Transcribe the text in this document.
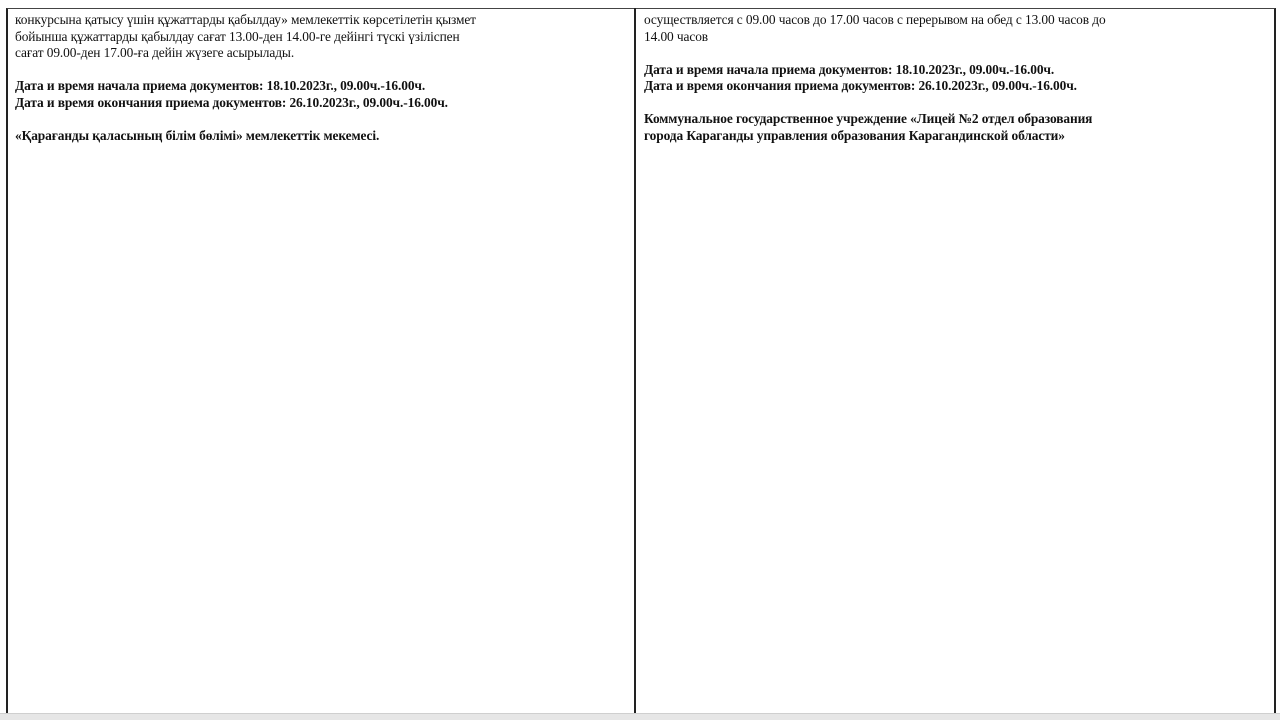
конкурсына қатысу үшін құжаттарды қабылдау» мемлекеттік көрсетілетін қызмет

бойынша құжаттарды қабылдау сағат 13.00-ден 14.00-ге дейінгі түскі үзіліспен

сағат 09.00-ден 17.00-ға дейін жүзеге асырылады.

Дата и время начала приема документов: 18.10.2023г., 09.00ч.-16.00ч.

Дата и время окончания приема документов: 26.10.2023г., 09.00ч.-16.00ч.

«Қарағанды қаласының білім бөлімі» мемлекеттік мекемесі.

осуществляется с 09.00 часов до 17.00 часов с перерывом на обед с 13.00 часов до

14.00 часов

Дата и время начала приема документов: 18.10.2023г., 09.00ч.-16.00ч.

Дата и время окончания приема документов: 26.10.2023г., 09.00ч.-16.00ч.

Коммунальное государственное учреждение «Лицей №2 отдел образования

города Караганды управления образования Карагандинской области»
